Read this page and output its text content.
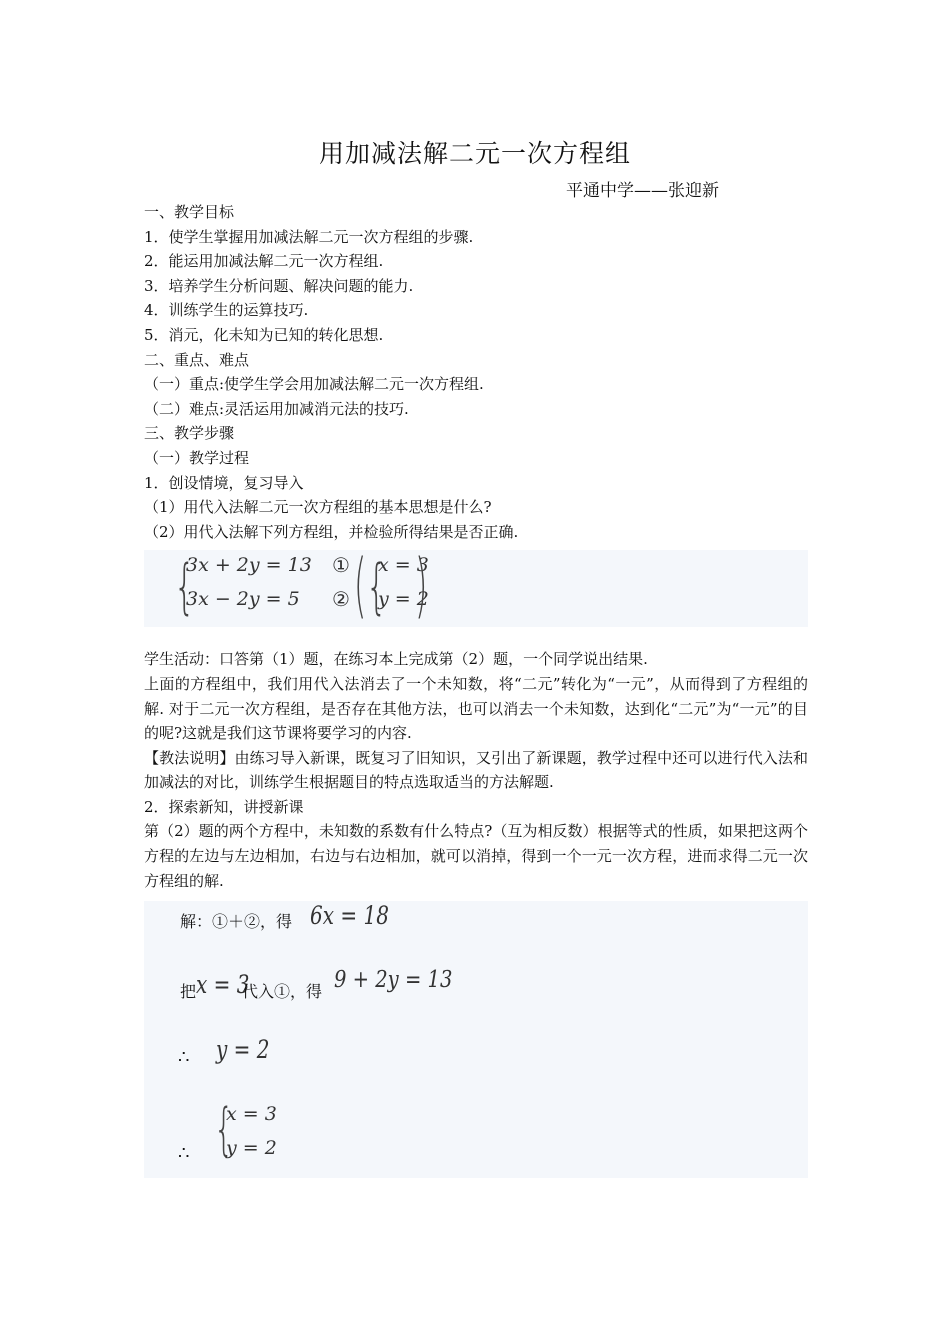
用加减法解二元一次方程组
平通中学——张迎新
一、教学目标
1．使学生掌握用加减法解二元一次方程组的步骤.
2．能运用加减法解二元一次方程组.
3．培养学生分析问题、解决问题的能力.
4．训练学生的运算技巧.
5．消元，化未知为已知的转化思想.
二、重点、难点
（一）重点:使学生学会用加减法解二元一次方程组.
（二）难点:灵活运用加减消元法的技巧.
三、教学步骤
（一）教学过程
1．创设情境，复习导入
（1）用代入法解二元一次方程组的基本思想是什么?
（2）用代入法解下列方程组，并检验所得结果是否正确.
{
3x + 2y = 13
3x − 2y = 5
①
② ( {
x = 3
y = 2
)
学生活动：口答第（1）题，在练习本上完成第（2）题，一个同学说出结果.
上面的方程组中，我们用代入法消去了一个未知数，将“二元”转化为“一元”，从而得到了方程组的解. 对于二元一次方程组，是否存在其他方法，也可以消去一个未知数，达到化“二元”为“一元”的目的呢?这就是我们这节课将要学习的内容.
【教法说明】由练习导入新课，既复习了旧知识，又引出了新课题，教学过程中还可以进行代入法和加减法的对比，训练学生根据题目的特点选取适当的方法解题.
2．探索新知，讲授新课
第（2）题的两个方程中，未知数的系数有什么特点?（互为相反数）根据等式的性质，如果把这两个方程的左边与左边相加，右边与右边相加，就可以消掉，得到一个一元一次方程，进而求得二元一次方程组的解.
解：①＋②，得 6x = 18
把 x = 3
代入①，得 9 + 2y = 13
∴ y = 2
{
x = 3
y = 2
∴
